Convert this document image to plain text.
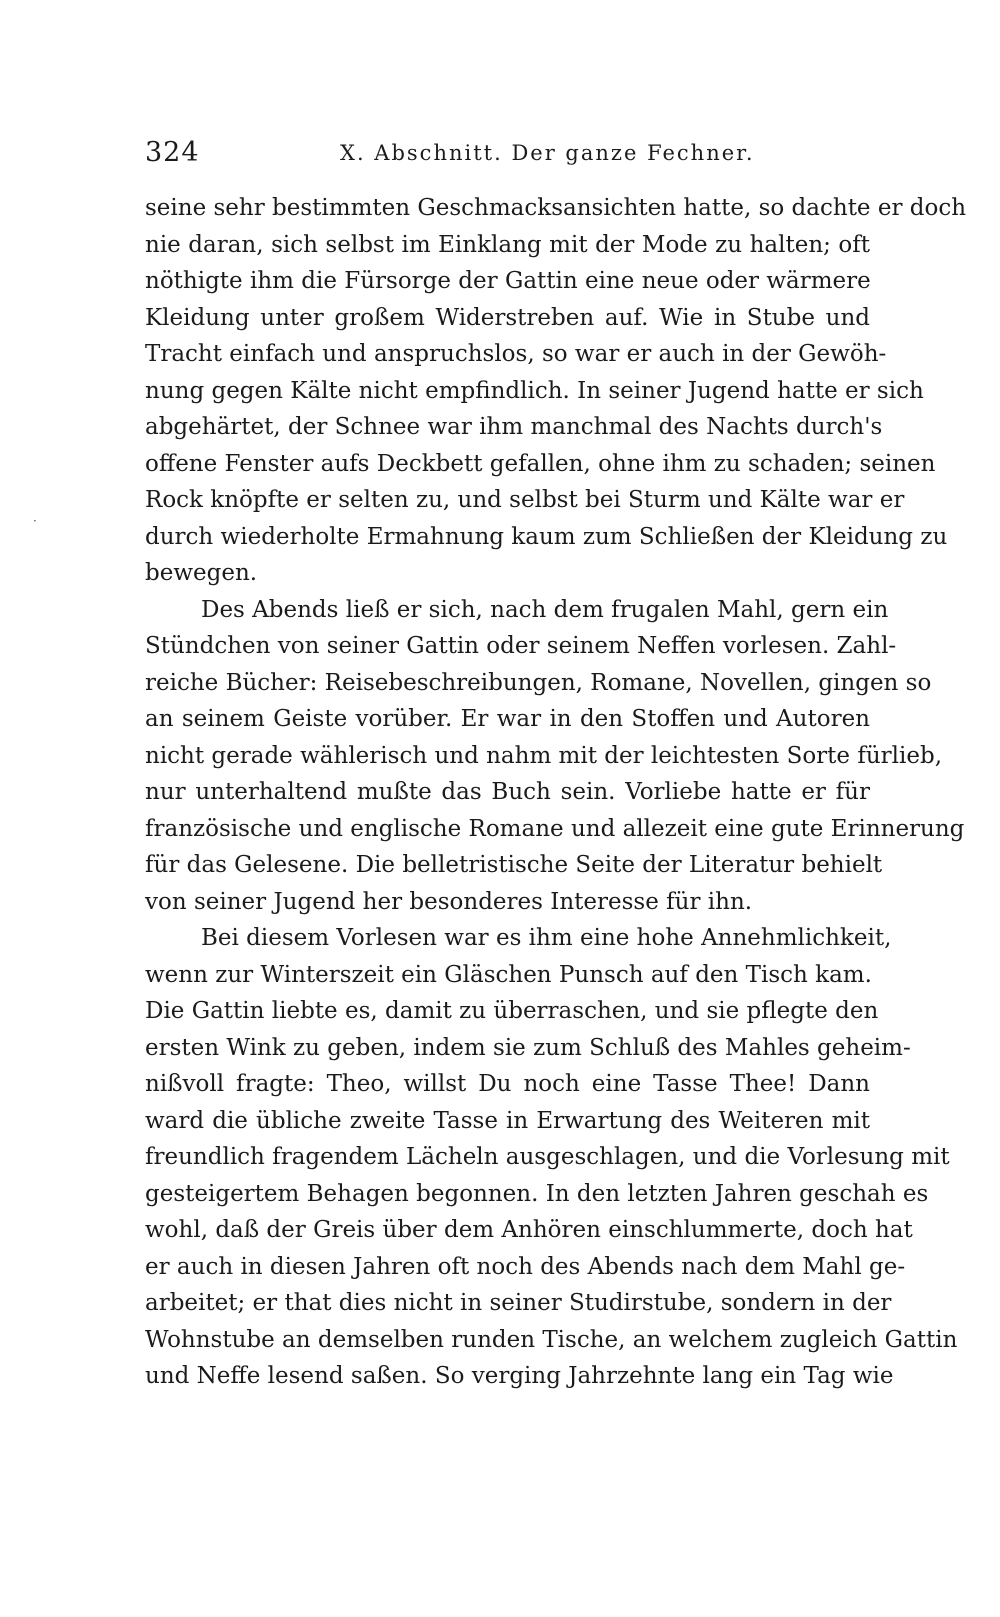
324	X. Abschnitt. Der ganze Fechner.
·
seine sehr bestimmten Geschmacksansichten hatte, so dachte er doch
nie daran, sich selbst im Einklang mit der Mode zu halten; oft
nöthigte ihm die Fürsorge der Gattin eine neue oder wärmere
Kleidung unter großem Widerstreben auf. Wie in Stube und
Tracht einfach und anspruchslos, so war er auch in der Gewöh-
nung gegen Kälte nicht empfindlich. In seiner Jugend hatte er sich
abgehärtet, der Schnee war ihm manchmal des Nachts durch's
offene Fenster aufs Deckbett gefallen, ohne ihm zu schaden; seinen
Rock knöpfte er selten zu, und selbst bei Sturm und Kälte war er
durch wiederholte Ermahnung kaum zum Schließen der Kleidung zu
bewegen.
Des Abends ließ er sich, nach dem frugalen Mahl, gern ein
Stündchen von seiner Gattin oder seinem Neffen vorlesen. Zahl-
reiche Bücher: Reisebeschreibungen, Romane, Novellen, gingen so
an seinem Geiste vorüber. Er war in den Stoffen und Autoren
nicht gerade wählerisch und nahm mit der leichtesten Sorte fürlieb,
nur unterhaltend mußte das Buch sein. Vorliebe hatte er für
französische und englische Romane und allezeit eine gute Erinnerung
für das Gelesene. Die belletristische Seite der Literatur behielt
von seiner Jugend her besonderes Interesse für ihn.
Bei diesem Vorlesen war es ihm eine hohe Annehmlichkeit,
wenn zur Winterszeit ein Gläschen Punsch auf den Tisch kam.
Die Gattin liebte es, damit zu überraschen, und sie pflegte den
ersten Wink zu geben, indem sie zum Schluß des Mahles geheim-
nißvoll fragte: Theo, willst Du noch eine Tasse Thee! Dann
ward die übliche zweite Tasse in Erwartung des Weiteren mit
freundlich fragendem Lächeln ausgeschlagen, und die Vorlesung mit
gesteigertem Behagen begonnen. In den letzten Jahren geschah es
wohl, daß der Greis über dem Anhören einschlummerte, doch hat
er auch in diesen Jahren oft noch des Abends nach dem Mahl ge-
arbeitet; er that dies nicht in seiner Studirstube, sondern in der
Wohnstube an demselben runden Tische, an welchem zugleich Gattin
und Neffe lesend saßen. So verging Jahrzehnte lang ein Tag wie
